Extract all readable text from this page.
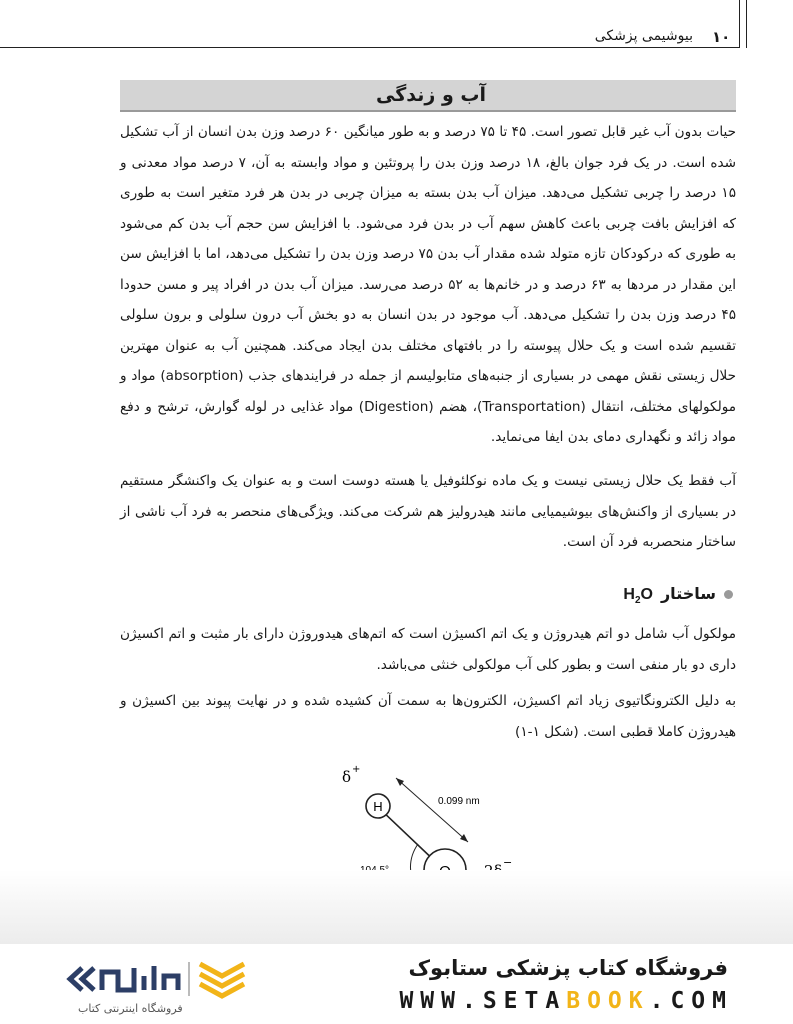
۱۰
بیوشیمی پزشکی
آب و زندگی
حیات بدون آب غیر قابل تصور است. ۴۵ تا ۷۵ درصد و به طور میانگین ۶۰ درصد وزن بدن انسان از آب تشکیل شده است. در یک فرد جوان بالغ، ۱۸ درصد وزن بدن را پروتئین و مواد وابسته به آن، ۷ درصد مواد معدنی و ۱۵ درصد را چربی تشکیل می‌دهد. میزان آب بدن بسته به میزان چربی در بدن هر فرد متغیر است به طوری که افزایش بافت چربی باعث کاهش سهم آب در بدن فرد می‌شود. با افزایش سن حجم آب بدن کم می‌شود به طوری که درکودکان تازه متولد شده مقدار آب بدن ۷۵ درصد وزن بدن را تشکیل می‌دهد، اما با افزایش سن این مقدار در مردها به ۶۳ درصد و در خانم‌ها به ۵۲ درصد می‌رسد. میزان آب بدن در افراد پیر و مسن حدودا ۴۵ درصد وزن بدن را تشکیل می‌دهد. آب موجود در بدن انسان به دو بخش آب درون سلولی و برون سلولی تقسیم شده است و یک حلال پیوسته را در بافتهای مختلف بدن ایجاد می‌کند. همچنین آب به عنوان مهترین حلال زیستی نقش مهمی در بسیاری از جنبه‌های متابولیسم از جمله در فرایندهای جذب (absorption) مواد و مولکولهای مختلف، انتقال (Transportation)، هضم (Digestion) مواد غذایی در لوله گوارش، ترشح و دفع مواد زائد و نگهداری دمای بدن ایفا می‌نماید.
آب فقط یک حلال زیستی نیست و یک ماده نوکلئوفیل یا هسته دوست است و به عنوان یک واکنشگر مستقیم در بسیاری از واکنش‌های بیوشیمیایی مانند هیدرولیز هم شرکت می‌کند. ویژگی‌های منحصر به فرد آب ناشی از ساختار منحصربه فرد آن است.
ساختارH$_2$O
مولکول آب شامل دو اتم هیدروژن و یک اتم اکسیژن است که اتم‌های هیدوروژن دارای بار مثبت و اتم اکسیژن داری دو بار منفی است و بطور کلی آب مولکولی خنثی می‌باشد.
به دلیل الکترونگاتیوی زیاد اتم اکسیژن، الکترون‌ها به سمت آن کشیده شده و در نهایت پیوند بین اکسیژن و هیدروژن کاملا قطبی است. (شکل ۱-۱)
H
δ +
0.099 nm
−
فروشگاه اینترنتی کتاب
فروشگاه کتاب پزشکی ستابوک
WWW.SETABOOK.COM
